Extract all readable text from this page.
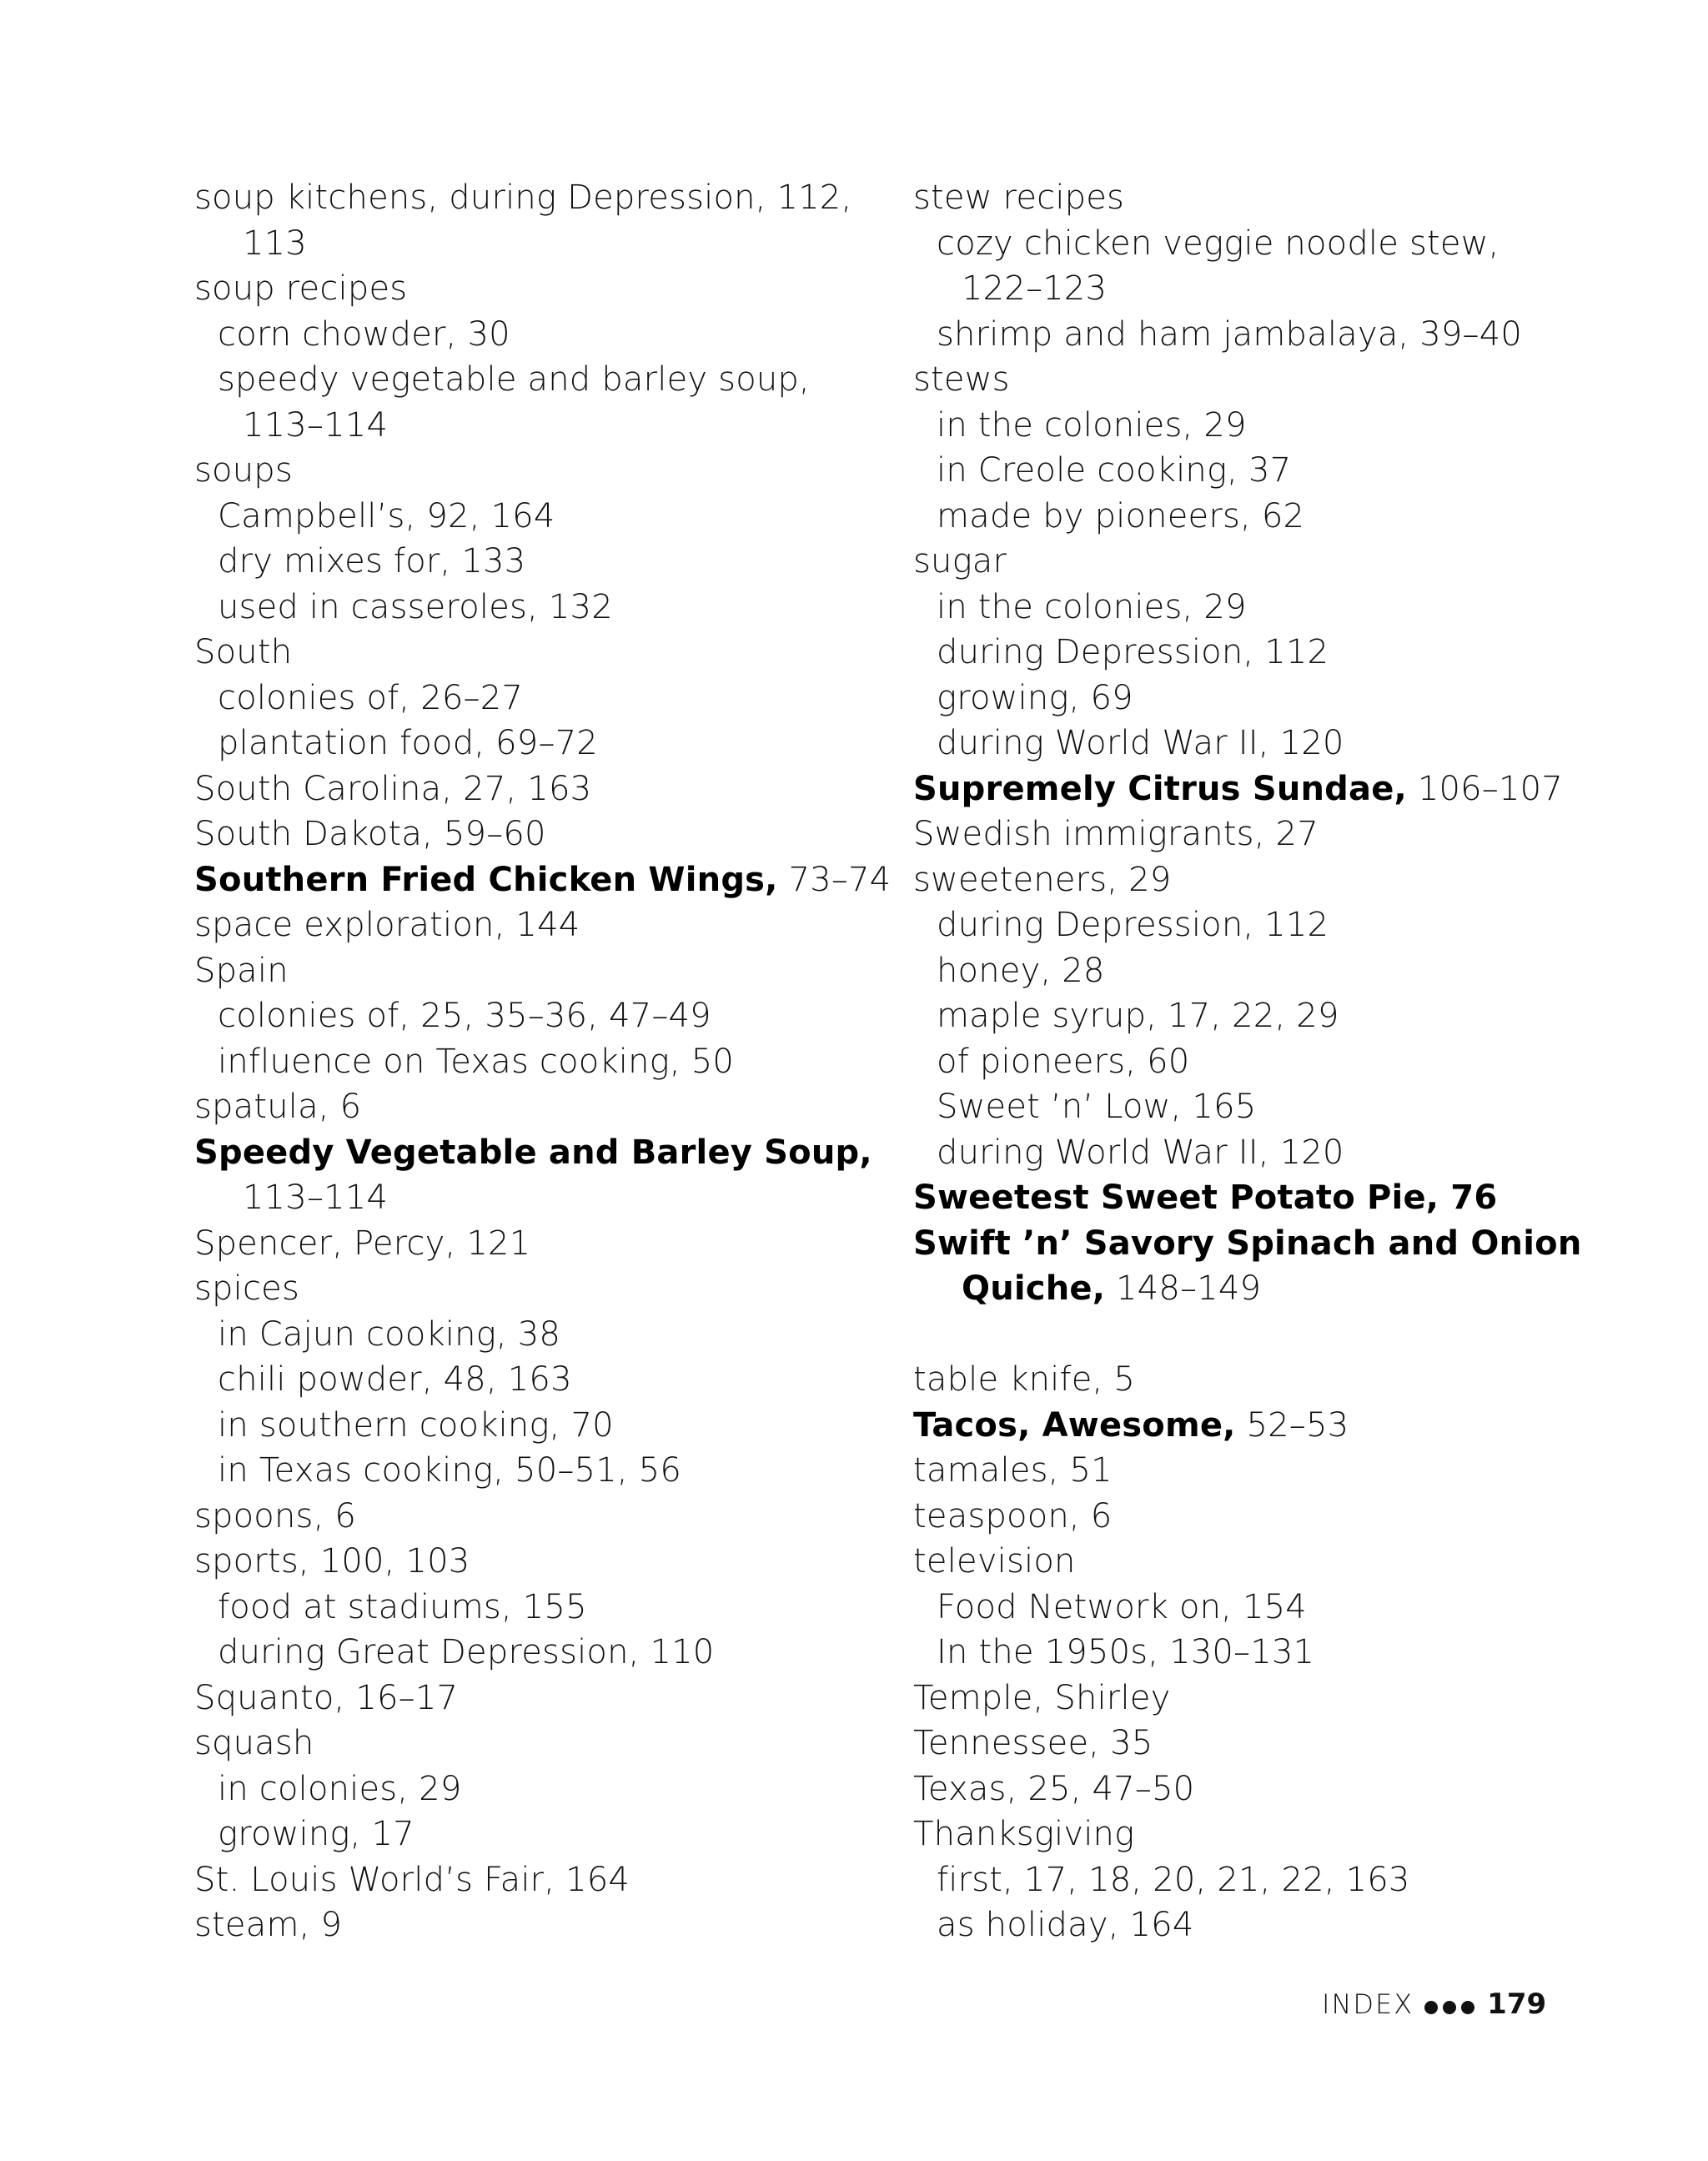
soup kitchens, during Depression, 112,
113
soup recipes
corn chowder, 30
speedy vegetable and barley soup,
113–114
soups
Campbell’s, 92, 164
dry mixes for, 133
used in casseroles, 132
South
colonies of, 26–27
plantation food, 69–72
South Carolina, 27, 163
South Dakota, 59–60
Southern Fried Chicken Wings, 73–74
space exploration, 144
Spain
colonies of, 25, 35–36, 47–49
influence on Texas cooking, 50
spatula, 6
Speedy Vegetable and Barley Soup,
113–114
Spencer, Percy, 121
spices
in Cajun cooking, 38
chili powder, 48, 163
in southern cooking, 70
in Texas cooking, 50–51, 56
spoons, 6
sports, 100, 103
food at stadiums, 155
during Great Depression, 110
Squanto, 16–17
squash
in colonies, 29
growing, 17
St. Louis World’s Fair, 164
steam, 9
stew recipes
cozy chicken veggie noodle stew,
122–123
shrimp and ham jambalaya, 39–40
stews
in the colonies, 29
in Creole cooking, 37
made by pioneers, 62
sugar
in the colonies, 29
during Depression, 112
growing, 69
during World War II, 120
Supremely Citrus Sundae, 106–107
Swedish immigrants, 27
sweeteners, 29
during Depression, 112
honey, 28
maple syrup, 17, 22, 29
of pioneers, 60
Sweet ’n’ Low, 165
during World War II, 120
Sweetest Sweet Potato Pie, 76
Swift ’n’ Savory Spinach and Onion
Quiche, 148–149
table knife, 5
Tacos, Awesome, 52–53
tamales, 51
teaspoon, 6
television
Food Network on, 154
In the 1950s, 130–131
Temple, Shirley
Tennessee, 35
Texas, 25, 47–50
Thanksgiving
first, 17, 18, 20, 21, 22, 163
as holiday, 164
INDEX	179
